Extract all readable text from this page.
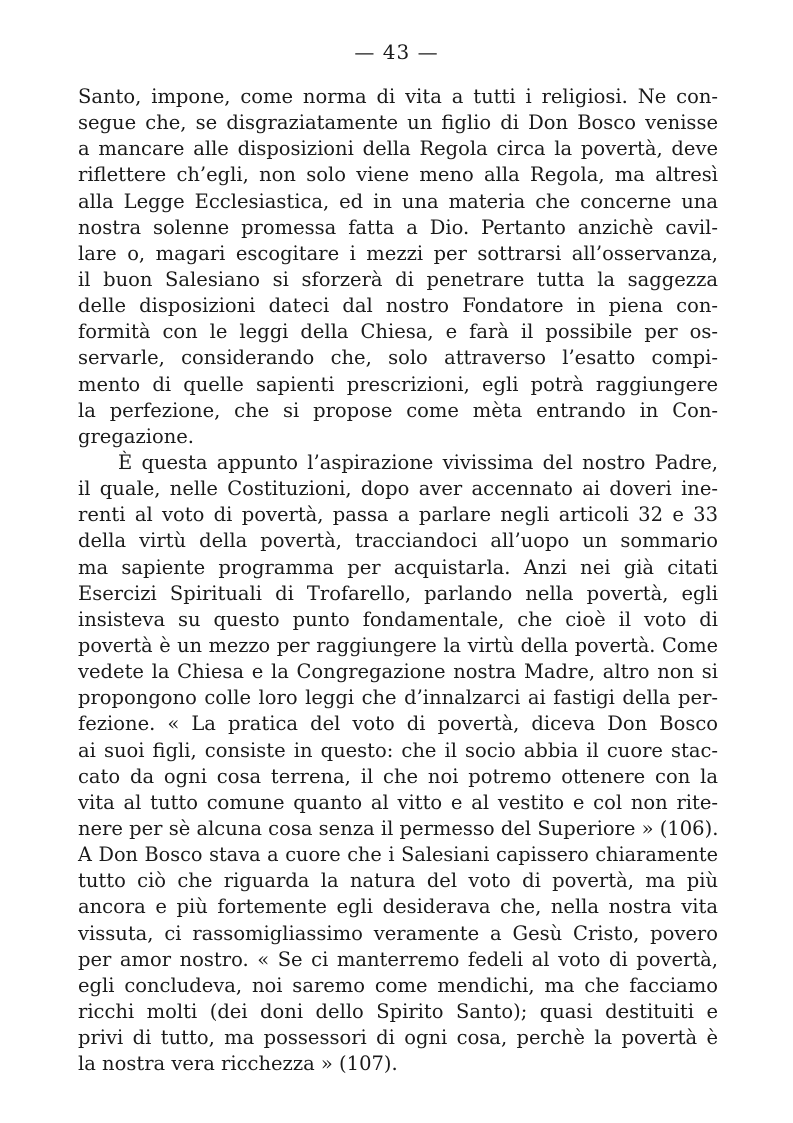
— 43 —
Santo, impone, come norma di vita a tutti i religiosi. Ne con-
segue che, se disgraziatamente un figlio di Don Bosco venisse
a mancare alle disposizioni della Regola circa la povertà, deve
riflettere ch’egli, non solo viene meno alla Regola, ma altresì
alla Legge Ecclesiastica, ed in una materia che concerne una
nostra solenne promessa fatta a Dio. Pertanto anzichè cavil-
lare o, magari escogitare i mezzi per sottrarsi all’osservanza,
il buon Salesiano si sforzerà di penetrare tutta la saggezza
delle disposizioni dateci dal nostro Fondatore in piena con-
formità con le leggi della Chiesa, e farà il possibile per os-
servarle, considerando che, solo attraverso l’esatto compi-
mento di quelle sapienti prescrizioni, egli potrà raggiungere
la perfezione, che si propose come mèta entrando in Con-
gregazione.
È questa appunto l’aspirazione vivissima del nostro Padre,
il quale, nelle Costituzioni, dopo aver accennato ai doveri ine-
renti al voto di povertà, passa a parlare negli articoli 32 e 33
della virtù della povertà, tracciandoci all’uopo un sommario
ma sapiente programma per acquistarla. Anzi nei già citati
Esercizi Spirituali di Trofarello, parlando nella povertà, egli
insisteva su questo punto fondamentale, che cioè il voto di
povertà è un mezzo per raggiungere la virtù della povertà. Come
vedete la Chiesa e la Congregazione nostra Madre, altro non si
propongono colle loro leggi che d’innalzarci ai fastigi della per-
fezione. « La pratica del voto di povertà, diceva Don Bosco
ai suoi figli, consiste in questo: che il socio abbia il cuore stac-
cato da ogni cosa terrena, il che noi potremo ottenere con la
vita al tutto comune quanto al vitto e al vestito e col non rite-
nere per sè alcuna cosa senza il permesso del Superiore » (106).
A Don Bosco stava a cuore che i Salesiani capissero chiaramente
tutto ciò che riguarda la natura del voto di povertà, ma più
ancora e più fortemente egli desiderava che, nella nostra vita
vissuta, ci rassomigliassimo veramente a Gesù Cristo, povero
per amor nostro. « Se ci manterremo fedeli al voto di povertà,
egli concludeva, noi saremo come mendichi, ma che facciamo
ricchi molti (dei doni dello Spirito Santo); quasi destituiti e
privi di tutto, ma possessori di ogni cosa, perchè la povertà è
la nostra vera ricchezza » (107).
